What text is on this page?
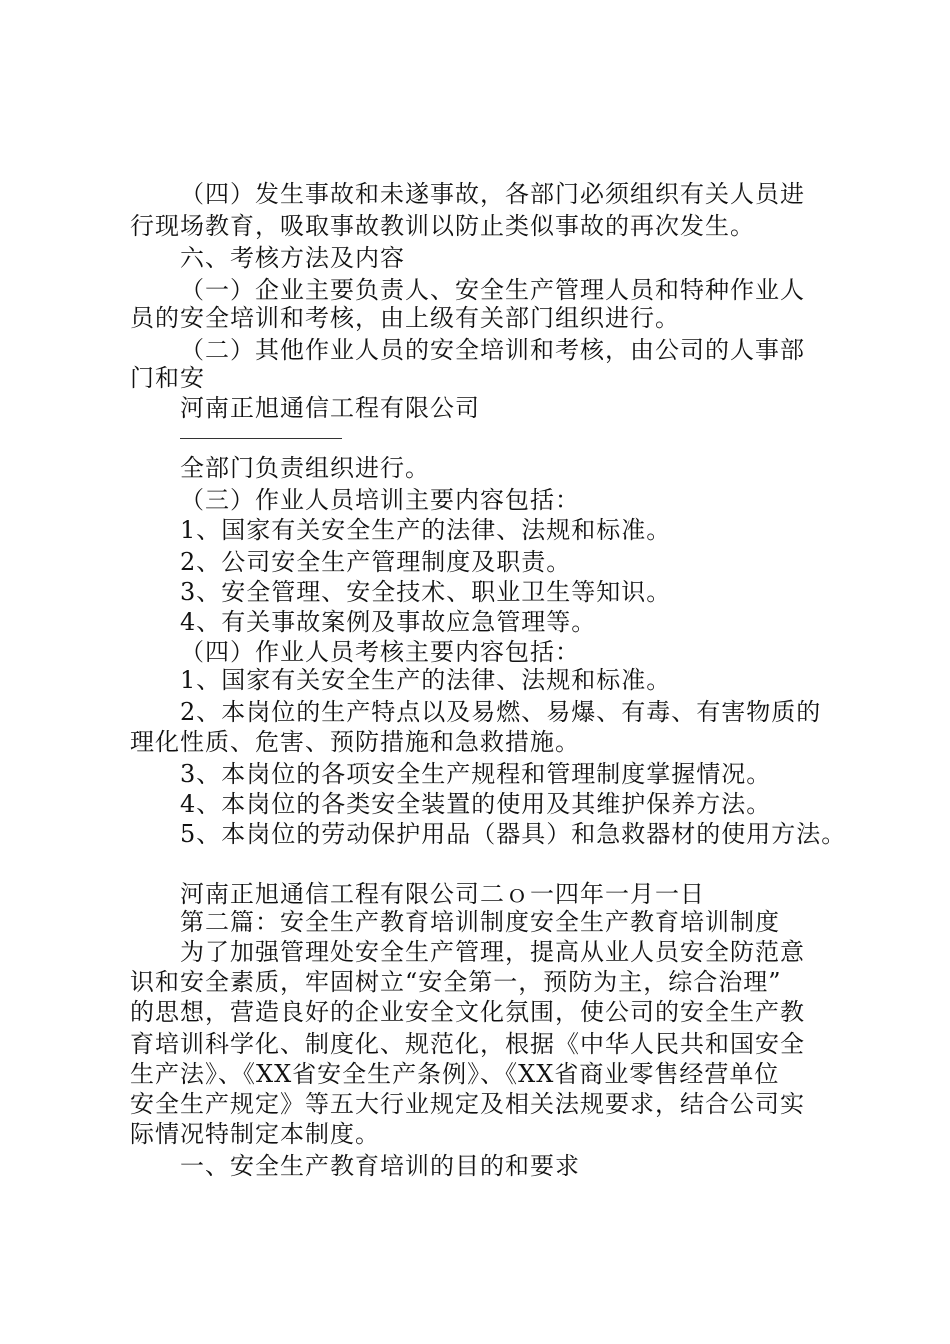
（四）发生事故和未遂事故，各部门必须组织有关人员进
行现场教育，吸取事故教训以防止类似事故的再次发生。
六、考核方法及内容
（一）企业主要负责人、安全生产管理人员和特种作业人
员的安全培训和考核，由上级有关部门组织进行。
（二）其他作业人员的安全培训和考核，由公司的人事部
门和安
河南正旭通信工程有限公司
全部门负责组织进行。
（三）作业人员培训主要内容包括：
1、国家有关安全生产的法律、法规和标准。
2、公司安全生产管理制度及职责。
3、安全管理、安全技术、职业卫生等知识。
4、有关事故案例及事故应急管理等。
（四）作业人员考核主要内容包括：
1、国家有关安全生产的法律、法规和标准。
2、本岗位的生产特点以及易燃、易爆、有毒、有害物质的
理化性质、危害、预防措施和急救措施。
3、本岗位的各项安全生产规程和管理制度掌握情况。
4、本岗位的各类安全装置的使用及其维护保养方法。
5、本岗位的劳动保护用品（器具）和急救器材的使用方法。
河南正旭通信工程有限公司二ｏ一四年一月一日
第二篇：安全生产教育培训制度安全生产教育培训制度
为了加强管理处安全生产管理，提高从业人员安全防范意
识和安全素质，牢固树立“安全第一，预防为主，综合治理”
的思想，营造良好的企业安全文化氛围，使公司的安全生产教
育培训科学化、制度化、规范化，根据《中华人民共和国安全
生产法》、《XX省安全生产条例》、《XX省商业零售经营单位
安全生产规定》等五大行业规定及相关法规要求，结合公司实
际情况特制定本制度。
一、安全生产教育培训的目的和要求
